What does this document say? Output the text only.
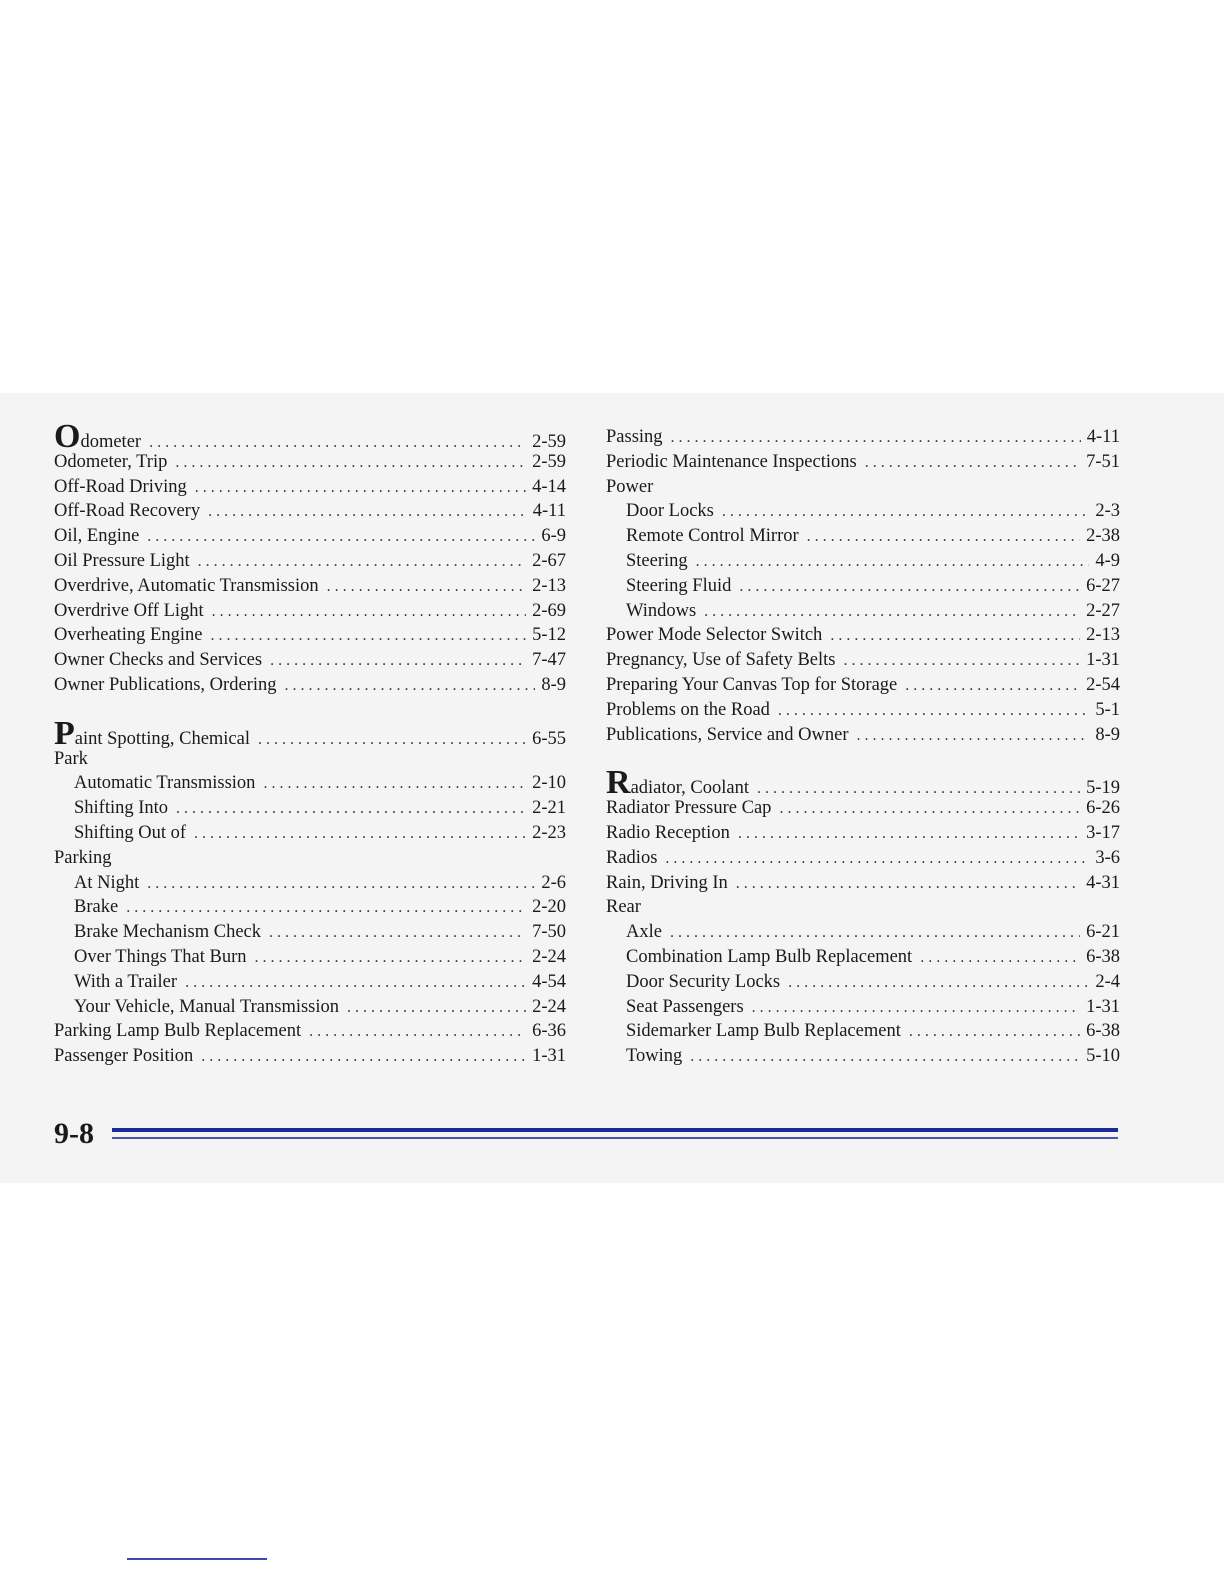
Odometer . . .	2-59
Odometer, Trip . . .	2-59
Off-Road Driving . . .	4-14
Off-Road Recovery . . .	4-11
Oil, Engine . . .	6-9
Oil Pressure Light . . .	2-67
Overdrive, Automatic Transmission . . .	2-13
Overdrive Off Light . . .	2-69
Overheating Engine . . .	5-12
Owner Checks and Services . . .	7-47
Owner Publications, Ordering . . .	8-9
Paint Spotting, Chemical . . .	6-55
Park
Automatic Transmission . . .	2-10
Shifting Into . . .	2-21
Shifting Out of . . .	2-23
Parking
At Night . . .	2-6
Brake . . .	2-20
Brake Mechanism Check . . .	7-50
Over Things That Burn . . .	2-24
With a Trailer . . .	4-54
Your Vehicle, Manual Transmission . . .	2-24
Parking Lamp Bulb Replacement . . .	6-36
Passenger Position . . .	1-31
Passing . . .	4-11
Periodic Maintenance Inspections . . .	7-51
Power
Door Locks . . .	2-3
Remote Control Mirror . . .	2-38
Steering . . .	4-9
Steering Fluid . . .	6-27
Windows . . .	2-27
Power Mode Selector Switch . . .	2-13
Pregnancy, Use of Safety Belts . . .	1-31
Preparing Your Canvas Top for Storage . . .	2-54
Problems on the Road . . .	5-1
Publications, Service and Owner . . .	8-9
Radiator, Coolant . . .	5-19
Radiator Pressure Cap . . .	6-26
Radio Reception . . .	3-17
Radios . . .	3-6
Rain, Driving In . . .	4-31
Rear
Axle . . .	6-21
Combination Lamp Bulb Replacement . . .	6-38
Door Security Locks . . .	2-4
Seat Passengers . . .	1-31
Sidemarker Lamp Bulb Replacement . . .	6-38
Towing . . .	5-10
9-8
